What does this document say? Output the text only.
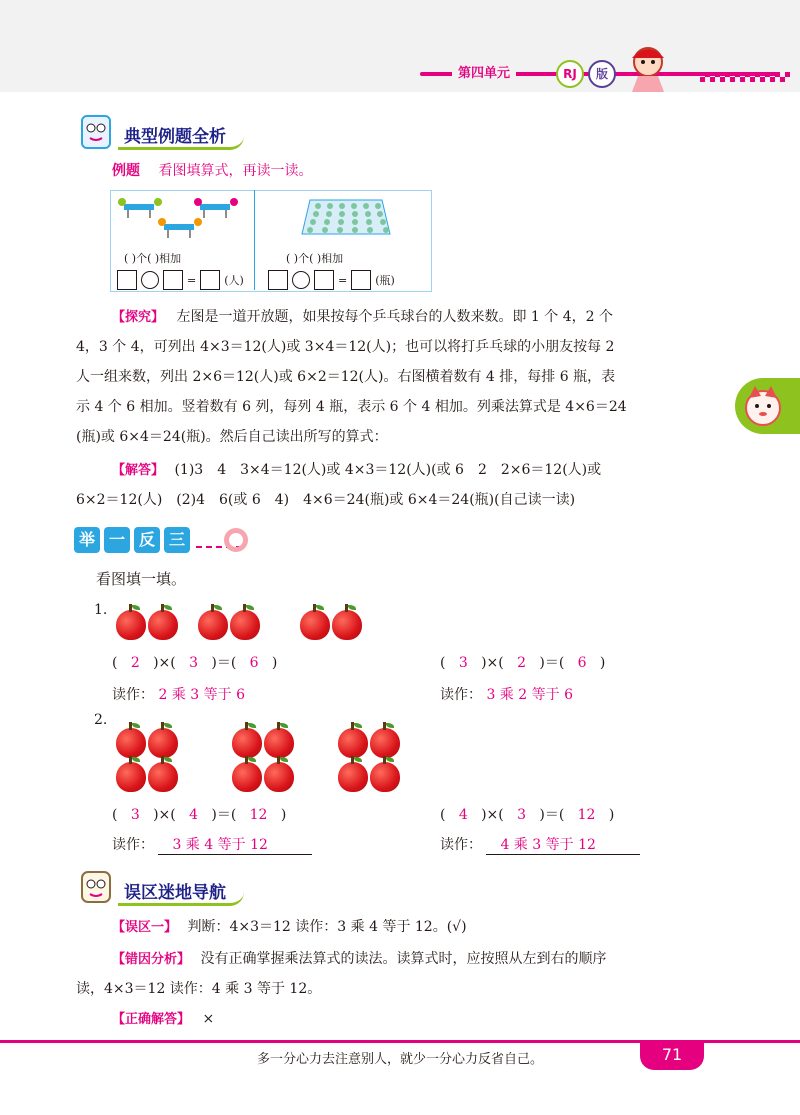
第四单元	RJ	版
典型例题全析
例题 看图填算式，再读一读。
( )个( )相加	( )个( )相加
=	(人)	=	(瓶)
【探究】 左图是一道开放题，如果按每个乒乓球台的人数来数。即 1 个 4，2 个
4，3 个 4，可列出 4×3＝12(人)或 3×4＝12(人)；也可以将打乒乓球的小朋友按每 2
人一组来数，列出 2×6＝12(人)或 6×2＝12(人)。右图横着数有 4 排，每排 6 瓶，表
示 4 个 6 相加。竖着数有 6 列，每列 4 瓶，表示 6 个 4 相加。列乘法算式是 4×6＝24
(瓶)或 6×4＝24(瓶)。然后自己读出所写的算式：
【解答】 (1)3　4　3×4＝12(人)或 4×3＝12(人)(或 6　2　2×6＝12(人)或
6×2＝12(人)　(2)4　6(或 6　4)　4×6＝24(瓶)或 6×4＝24(瓶)(自己读一读)
举 一 反 三
看图填一填。
1.
(   2   )×(   3   )＝(   6   )	(   3   )×(   2   )＝(   6   )
读作： 2 乘 3 等于 6	读作： 3 乘 2 等于 6
2.
(   3   )×(   4   )＝(   12   )	(   4   )×(   3   )＝(   12   )
读作： 3 乘 4 等于 12	读作： 4 乘 3 等于 12
误区迷地导航
【误区一】 判断：4×3＝12 读作：3 乘 4 等于 12。(√)
【错因分析】 没有正确掌握乘法算式的读法。读算式时，应按照从左到右的顺序
读，4×3＝12 读作：4 乘 3 等于 12。
【正确解答】 ×
多一分心力去注意别人，就少一分心力反省自己。	71
